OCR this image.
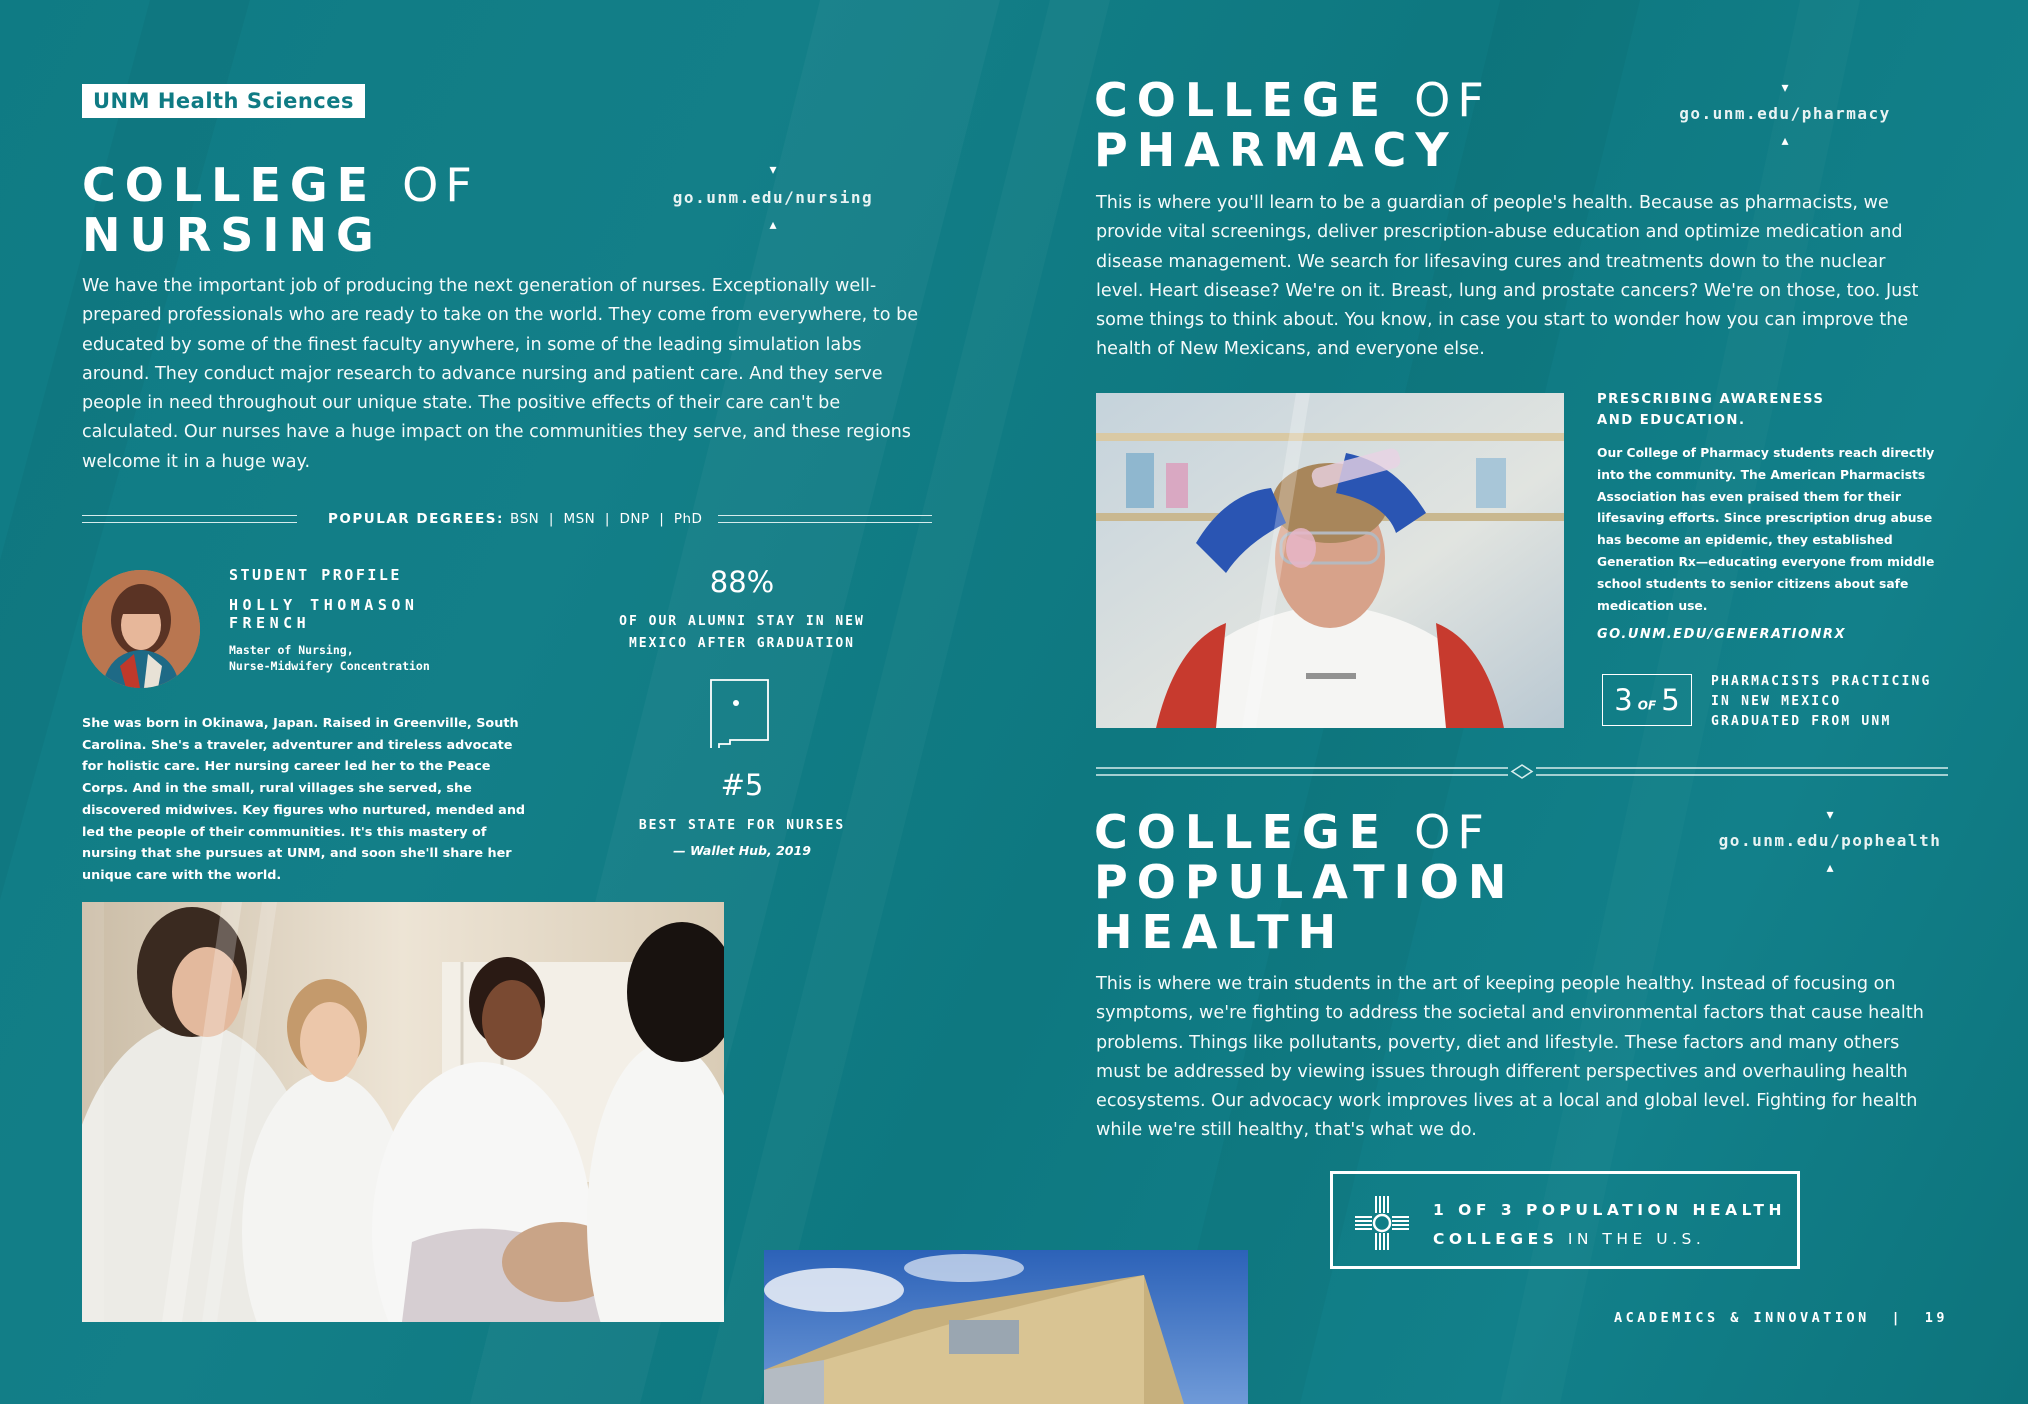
UNM Health Sciences
COLLEGE OF
NURSING
▾
go.unm.edu/nursing
▴

We have the important job of producing the next generation of nurses. Exceptionally well-prepared professionals who are ready to take on the world. They come from everywhere, to be educated by some of the finest faculty anywhere, in some of the leading simulation labs around. They conduct major research to advance nursing and patient care. And they serve people in need throughout our unique state. The positive effects of their care can't be calculated. Our nurses have a huge impact on the communities they serve, and these regions welcome it in a huge way.

POPULAR DEGREES: BSN  |  MSN  |  DNP  |  PhD
STUDENT PROFILE
HOLLY THOMASON
FRENCH
Master of Nursing,
Nurse-Midwifery Concentration

She was born in Okinawa, Japan. Raised in Greenville, South Carolina. She's a traveler, adventurer and tireless advocate for holistic care. Her nursing career led her to the Peace Corps. And in the small, rural villages she served, she discovered midwives. Key figures who nurtured, mended and led the people of their communities. It's this mastery of nursing that she pursues at UNM, and soon she'll share her unique care with the world.

88%
OF OUR ALUMNI STAY IN NEW
MEXICO AFTER GRADUATION
#5
BEST STATE FOR NURSES
— Wallet Hub, 2019
COLLEGE OF
PHARMACY
▾
go.unm.edu/pharmacy
▴

This is where you'll learn to be a guardian of people's health. Because as pharmacists, we provide vital screenings, deliver prescription-abuse education and optimize medication and disease management. We search for lifesaving cures and treatments down to the nuclear level. Heart disease? We're on it. Breast, lung and prostate cancers? We're on those, too. Just some things to think about. You know, in case you start to wonder how you can improve the health of New Mexicans, and everyone else.

PRESCRIBING AWARENESS
AND EDUCATION.

Our College of Pharmacy students reach directly into the community. The American Pharmacists Association has even praised them for their lifesaving efforts. Since prescription drug abuse has become an epidemic, they established Generation Rx—educating everyone from middle school students to senior citizens about safe medication use.

GO.UNM.EDU/GENERATIONRX
3 OF 5
PHARMACISTS PRACTICING
IN NEW MEXICO
GRADUATED FROM UNM
COLLEGE OF
POPULATION
HEALTH
▾
go.unm.edu/pophealth
▴

This is where we train students in the art of keeping people healthy. Instead of focusing on symptoms, we're fighting to address the societal and environmental factors that cause health problems. Things like pollutants, poverty, diet and lifestyle. These factors and many others must be addressed by viewing issues through different perspectives and overhauling health ecosystems. Our advocacy work improves lives at a local and global level. Fighting for health while we're still healthy, that's what we do.

1 OF 3 POPULATION HEALTH
COLLEGES IN THE U.S.
ACADEMICS & INNOVATION | 19
